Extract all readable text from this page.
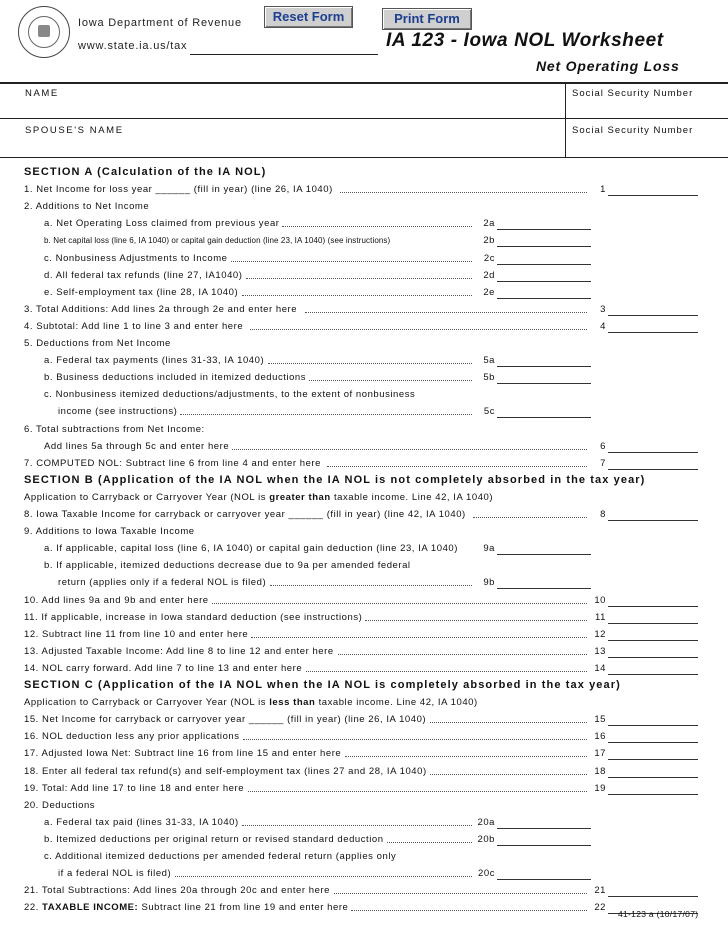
Iowa Department of Revenue
www.state.ia.us/tax
Reset Form	Print Form
IA 123 - Iowa NOL Worksheet
Net Operating Loss
NAME	Social Security Number
SPOUSE'S NAME	Social Security Number
SECTION A (Calculation of the IA NOL)
1. Net Income for loss year ______ (fill in year) (line 26, IA 1040)	1
2. Additions to Net Income
a. Net Operating Loss claimed from previous year	2a
b. Net capital loss (line 6, IA 1040) or capital gain deduction (line 23, IA 1040) (see instructions)	2b
c. Nonbusiness Adjustments to Income	2c
d. All federal tax refunds (line 27, IA1040)	2d
e. Self-employment tax (line 28, IA 1040)	2e
3. Total Additions: Add lines 2a through 2e and enter here	3
4. Subtotal: Add line 1 to line 3 and enter here	4
5. Deductions from Net Income
a. Federal tax payments (lines 31-33, IA 1040)	5a
b. Business deductions included in itemized deductions	5b
c. Nonbusiness itemized deductions/adjustments, to the extent of nonbusiness
income (see instructions)	5c
6. Total subtractions from Net Income:
Add lines 5a through 5c and enter here	6
7. COMPUTED NOL: Subtract line 6 from line 4 and enter here	7
SECTION B (Application of the IA NOL when the IA NOL is not completely absorbed in the tax year)
Application to Carryback or Carryover Year (NOL is greater than taxable income. Line 42, IA 1040)
8. Iowa Taxable Income for carryback or carryover year ______ (fill in year) (line 42, IA 1040)	8
9. Additions to Iowa Taxable Income
a. If applicable, capital loss (line 6, IA 1040) or capital gain deduction (line 23, IA 1040)	9a
b. If applicable, itemized deductions decrease due to 9a per amended federal
return (applies only if a federal NOL is filed)	9b
10. Add lines 9a and 9b and enter here	10
11. If applicable, increase in Iowa standard deduction (see instructions)	11
12. Subtract line 11 from line 10 and enter here	12
13. Adjusted Taxable Income: Add line 8 to line 12 and enter here	13
14. NOL carry forward. Add line 7 to line 13 and enter here	14
SECTION C (Application of the IA NOL when the IA NOL is completely absorbed in the tax year)
Application to Carryback or Carryover Year (NOL is less than taxable income. Line 42, IA 1040)
15. Net Income for carryback or carryover year ______ (fill in year) (line 26, IA 1040)	15
16. NOL deduction less any prior applications	16
17. Adjusted Iowa Net: Subtract line 16 from line 15 and enter here	17
18. Enter all federal tax refund(s) and self-employment tax (lines 27 and 28, IA 1040)	18
19. Total: Add line 17 to line 18 and enter here	19
20. Deductions
a. Federal tax paid (lines 31-33, IA 1040)	20a
b. Itemized deductions per original return or revised standard deduction	20b
c. Additional itemized deductions per amended federal return (applies only
if a federal NOL is filed)	20c
21. Total Subtractions: Add lines 20a through 20c and enter here	21
22. TAXABLE INCOME: Subtract line 21 from line 19 and enter here	22
41-123 a (10/17/07)
